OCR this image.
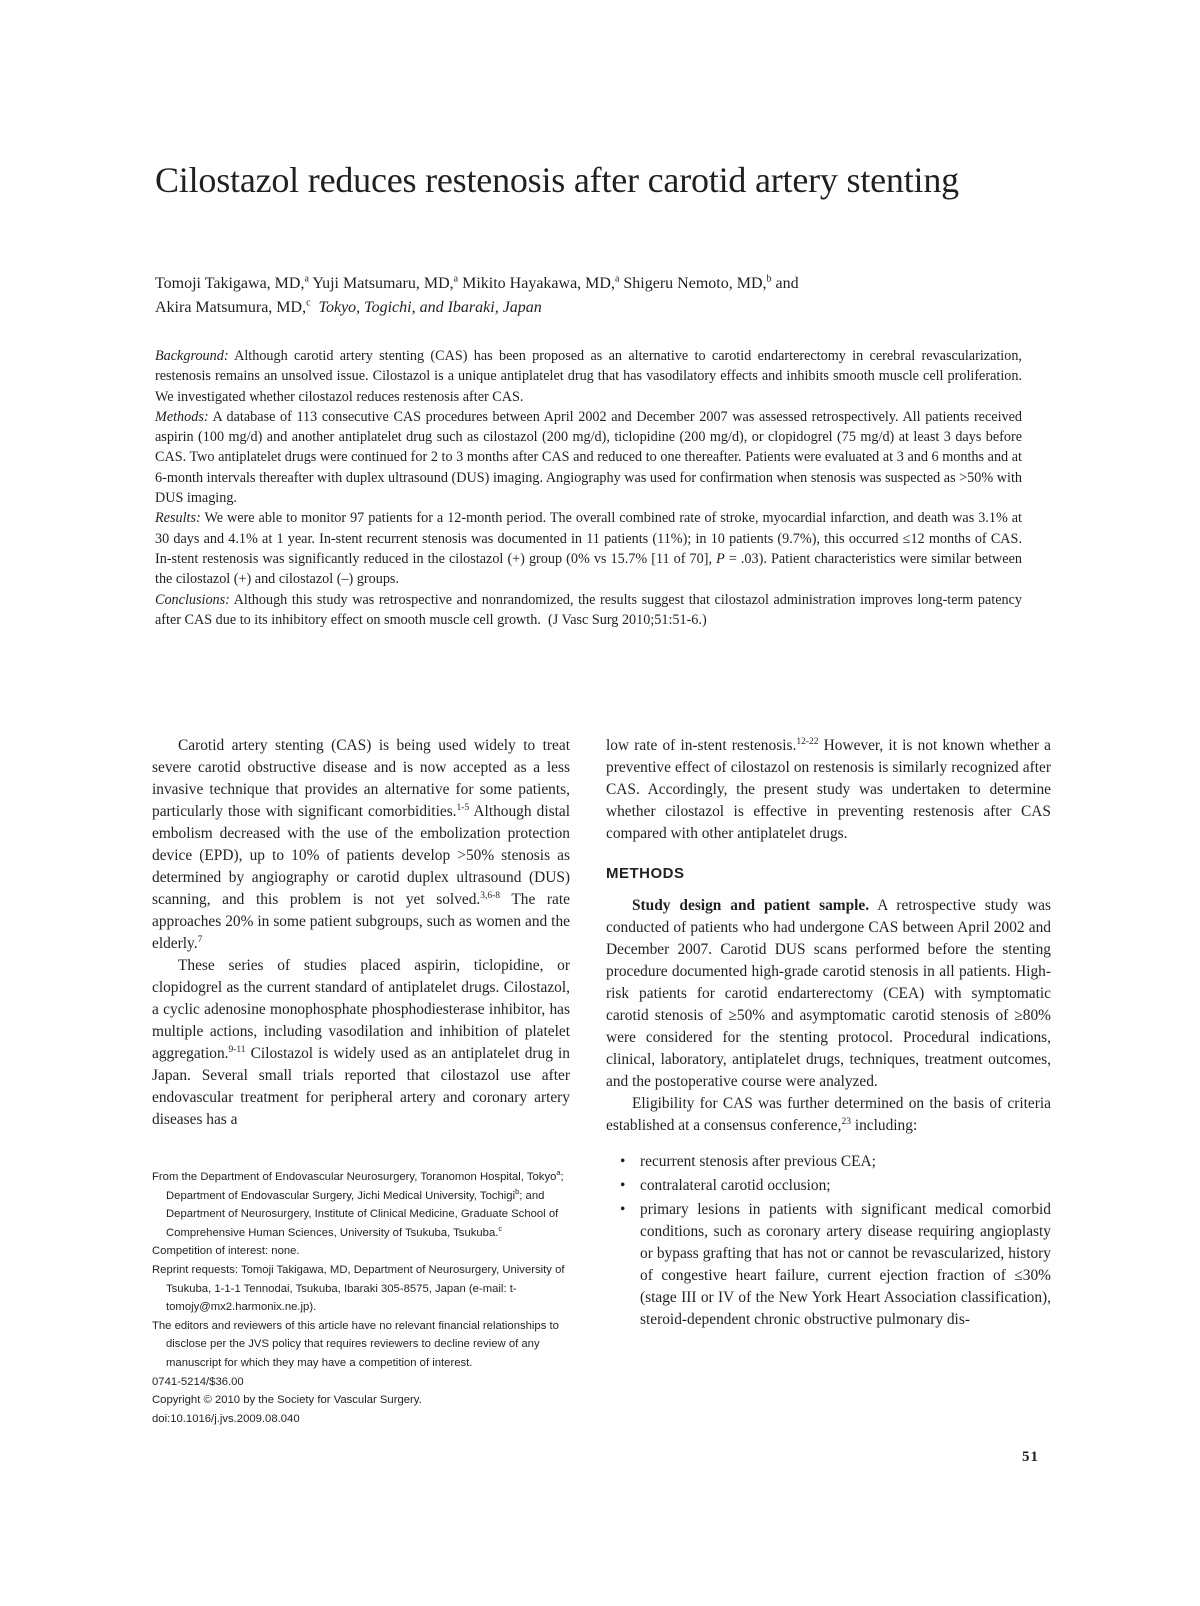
Cilostazol reduces restenosis after carotid artery stenting
Tomoji Takigawa, MD,$^a$ Yuji Matsumaru, MD,$^a$ Mikito Hayakawa, MD,$^a$ Shigeru Nemoto, MD,$^b$ and
Akira Matsumura, MD,$^c$ Tokyo, Togichi, and Ibaraki, Japan

Background: Although carotid artery stenting (CAS) has been proposed as an alternative to carotid endarterectomy in cerebral revascularization, restenosis remains an unsolved issue. Cilostazol is a unique antiplatelet drug that has vasodilatory effects and inhibits smooth muscle cell proliferation. We investigated whether cilostazol reduces restenosis after CAS.

Methods: A database of 113 consecutive CAS procedures between April 2002 and December 2007 was assessed retrospectively. All patients received aspirin (100 mg/d) and another antiplatelet drug such as cilostazol (200 mg/d), ticlopidine (200 mg/d), or clopidogrel (75 mg/d) at least 3 days before CAS. Two antiplatelet drugs were continued for 2 to 3 months after CAS and reduced to one thereafter. Patients were evaluated at 3 and 6 months and at 6-month intervals thereafter with duplex ultrasound (DUS) imaging. Angiography was used for confirmation when stenosis was suspected as >50% with DUS imaging.

Results: We were able to monitor 97 patients for a 12-month period. The overall combined rate of stroke, myocardial infarction, and death was 3.1% at 30 days and 4.1% at 1 year. In-stent recurrent stenosis was documented in 11 patients (11%); in 10 patients (9.7%), this occurred ≤12 months of CAS. In-stent restenosis was significantly reduced in the cilostazol (+) group (0% vs 15.7% [11 of 70], P = .03). Patient characteristics were similar between the cilostazol (+) and cilostazol (–) groups.

Conclusions: Although this study was retrospective and nonrandomized, the results suggest that cilostazol administration improves long-term patency after CAS due to its inhibitory effect on smooth muscle cell growth. (J Vasc Surg 2010;51:51-6.)

Carotid artery stenting (CAS) is being used widely to treat severe carotid obstructive disease and is now accepted as a less invasive technique that provides an alternative for some patients, particularly those with significant comorbidities.$^{1-5}$ Although distal embolism decreased with the use of the embolization protection device (EPD), up to 10% of patients develop >50% stenosis as determined by angiography or carotid duplex ultrasound (DUS) scanning, and this problem is not yet solved.$^{3,6-8}$ The rate approaches 20% in some patient subgroups, such as women and the elderly.$^7$

These series of studies placed aspirin, ticlopidine, or clopidogrel as the current standard of antiplatelet drugs. Cilostazol, a cyclic adenosine monophosphate phosphodiesterase inhibitor, has multiple actions, including vasodilation and inhibition of platelet aggregation.$^{9-11}$ Cilostazol is widely used as an antiplatelet drug in Japan. Several small trials reported that cilostazol use after endovascular treatment for peripheral artery and coronary artery diseases has a

low rate of in-stent restenosis.$^{12-22}$ However, it is not known whether a preventive effect of cilostazol on restenosis is similarly recognized after CAS. Accordingly, the present study was undertaken to determine whether cilostazol is effective in preventing restenosis after CAS compared with other antiplatelet drugs.

METHODS

Study design and patient sample. A retrospective study was conducted of patients who had undergone CAS between April 2002 and December 2007. Carotid DUS scans performed before the stenting procedure documented high-grade carotid stenosis in all patients. High-risk patients for carotid endarterectomy (CEA) with symptomatic carotid stenosis of ≥50% and asymptomatic carotid stenosis of ≥80% were considered for the stenting protocol. Procedural indications, clinical, laboratory, antiplatelet drugs, techniques, treatment outcomes, and the postoperative course were analyzed.

Eligibility for CAS was further determined on the basis of criteria established at a consensus conference,$^{23}$ including:

• recurrent stenosis after previous CEA;
• contralateral carotid occlusion;
• primary lesions in patients with significant medical comorbid conditions, such as coronary artery disease requiring angioplasty or bypass grafting that has not or cannot be revascularized, history of congestive heart failure, current ejection fraction of ≤30% (stage III or IV of the New York Heart Association classification), steroid-dependent chronic obstructive pulmonary dis-
From the Department of Endovascular Neurosurgery, Toranomon Hospital, Tokyo$^a$; Department of Endovascular Surgery, Jichi Medical University, Tochigi$^b$; and Department of Neurosurgery, Institute of Clinical Medicine, Graduate School of Comprehensive Human Sciences, University of Tsukuba, Tsukuba.$^c$
Competition of interest: none.
Reprint requests: Tomoji Takigawa, MD, Department of Neurosurgery, University of Tsukuba, 1-1-1 Tennodai, Tsukuba, Ibaraki 305-8575, Japan (e-mail: t-tomojy@mx2.harmonix.ne.jp).
The editors and reviewers of this article have no relevant financial relationships to disclose per the JVS policy that requires reviewers to decline review of any manuscript for which they may have a competition of interest.
0741-5214/$36.00
Copyright © 2010 by the Society for Vascular Surgery.
doi:10.1016/j.jvs.2009.08.040
51
